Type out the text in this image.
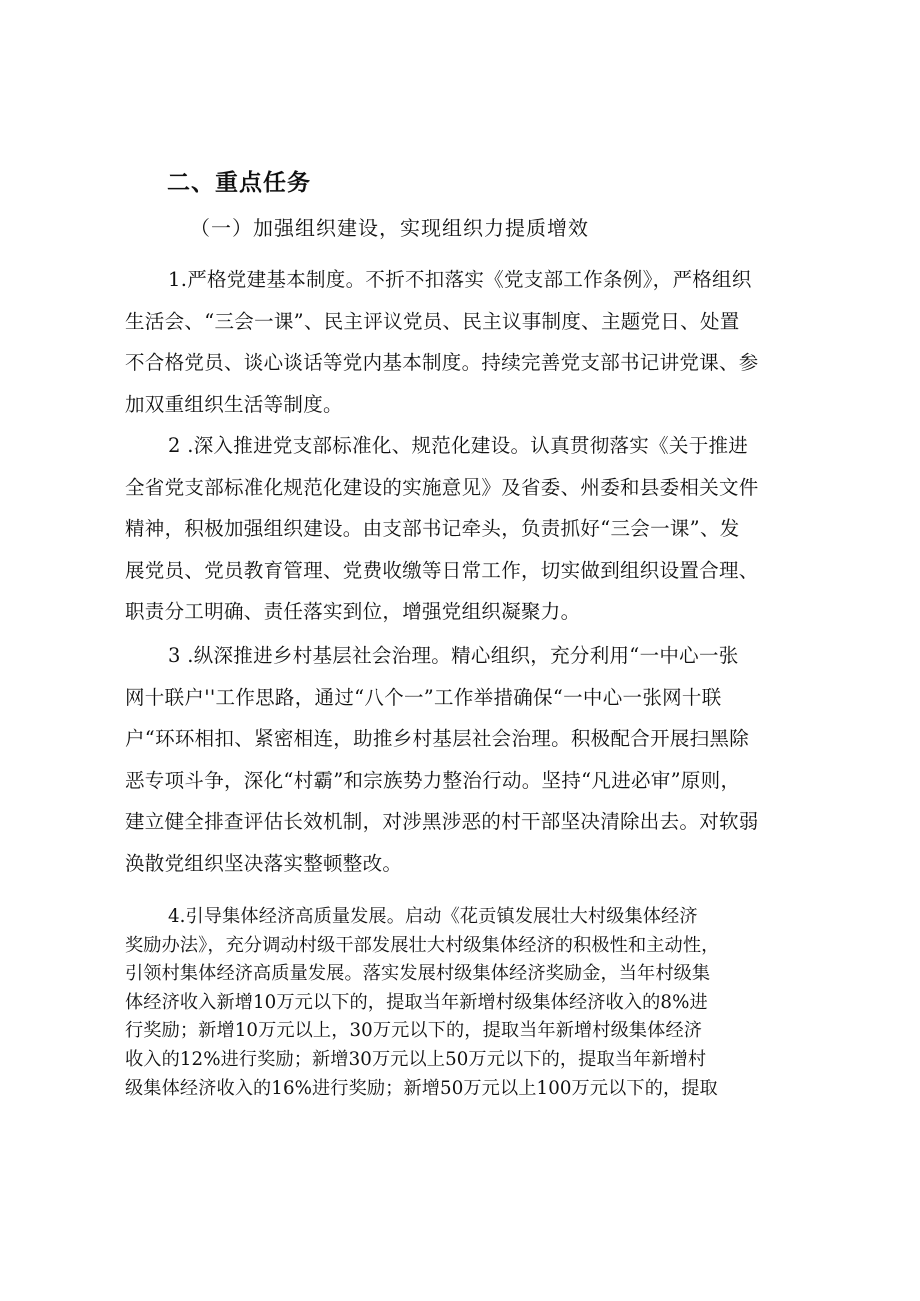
二、重点任务

（一）加强组织建设，实现组织力提质增效

1.严格党建基本制度。不折不扣落实《党支部工作条例》，严格组织
生活会、“三会一课”、民主评议党员、民主议事制度、主题党日、处置
不合格党员、谈心谈话等党内基本制度。持续完善党支部书记讲党课、参
加双重组织生活等制度。
2 .深入推进党支部标准化、规范化建设。认真贯彻落实《关于推进
全省党支部标准化规范化建设的实施意见》及省委、州委和县委相关文件
精神，积极加强组织建设。由支部书记牵头，负责抓好“三会一课”、发
展党员、党员教育管理、党费收缴等日常工作，切实做到组织设置合理、
职责分工明确、责任落实到位，增强党组织凝聚力。
3 .纵深推进乡村基层社会治理。精心组织，充分利用“一中心一张
网十联户''工作思路，通过“八个一”工作举措确保“一中心一张网十联
户“环环相扣、紧密相连，助推乡村基层社会治理。积极配合开展扫黑除
恶专项斗争，深化“村霸”和宗族势力整治行动。坚持“凡进必审”原则，
建立健全排查评估长效机制，对涉黑涉恶的村干部坚决清除出去。对软弱
涣散党组织坚决落实整顿整改。
4.引导集体经济高质量发展。启动《花贡镇发展壮大村级集体经济
奖励办法》，充分调动村级干部发展壮大村级集体经济的积极性和主动性，
引领村集体经济高质量发展。落实发展村级集体经济奖励金，当年村级集
体经济收入新增10万元以下的，提取当年新增村级集体经济收入的8%进
行奖励；新增10万元以上，30万元以下的，提取当年新增村级集体经济
收入的12%进行奖励；新增30万元以上50万元以下的，提取当年新增村
级集体经济收入的16%进行奖励；新增50万元以上100万元以下的，提取
